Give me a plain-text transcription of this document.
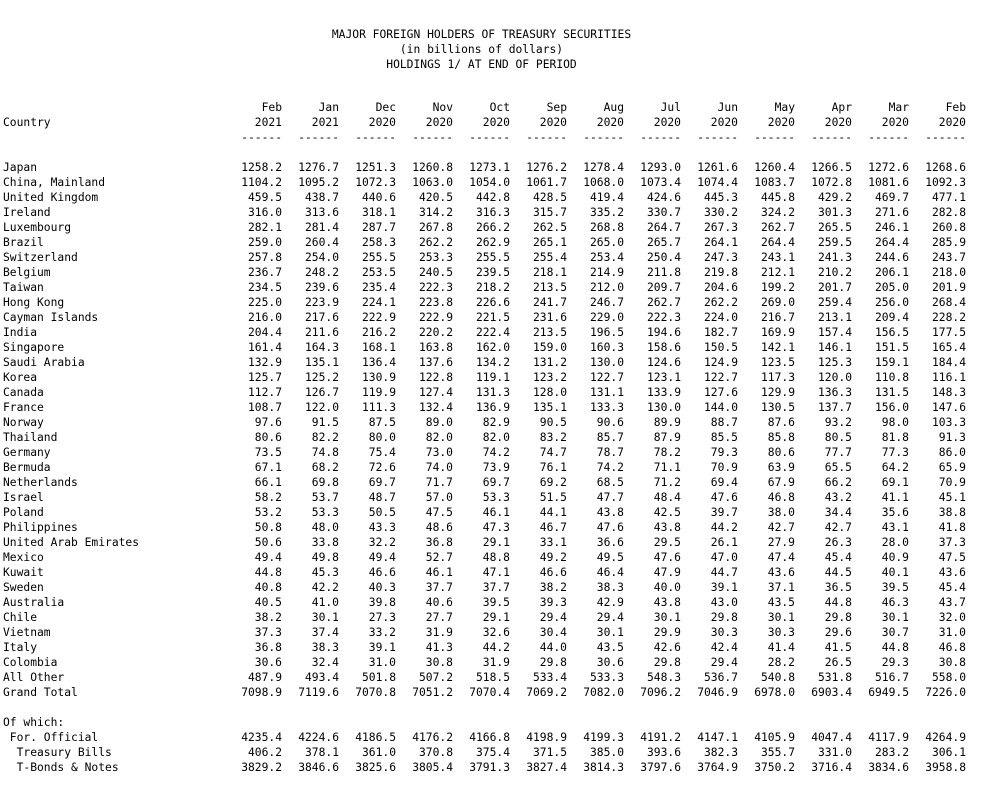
MAJOR FOREIGN HOLDERS OF TREASURY SECURITIES
(in billions of dollars)
HOLDINGS 1/ AT END OF PERIOD
	Feb	Jan	Dec	Nov	Oct	Sep	Aug	Jul	Jun	May	Apr	Mar	Feb
Country	2021	2021	2020	2020	2020	2020	2020	2020	2020	2020	2020	2020	2020
	------	------	------	------	------	------	------	------	------	------	------	------	------

Japan	1258.2	1276.7	1251.3	1260.8	1273.1	1276.2	1278.4	1293.0	1261.6	1260.4	1266.5	1272.6	1268.6
China, Mainland	1104.2	1095.2	1072.3	1063.0	1054.0	1061.7	1068.0	1073.4	1074.4	1083.7	1072.8	1081.6	1092.3
United Kingdom	459.5	438.7	440.6	420.5	442.8	428.5	419.4	424.6	445.3	445.8	429.2	469.7	477.1
Ireland	316.0	313.6	318.1	314.2	316.3	315.7	335.2	330.7	330.2	324.2	301.3	271.6	282.8
Luxembourg	282.1	281.4	287.7	267.8	266.2	262.5	268.8	264.7	267.3	262.7	265.5	246.1	260.8
Brazil	259.0	260.4	258.3	262.2	262.9	265.1	265.0	265.7	264.1	264.4	259.5	264.4	285.9
Switzerland	257.8	254.0	255.5	253.3	255.5	255.4	253.4	250.4	247.3	243.1	241.3	244.6	243.7
Belgium	236.7	248.2	253.5	240.5	239.5	218.1	214.9	211.8	219.8	212.1	210.2	206.1	218.0
Taiwan	234.5	239.6	235.4	222.3	218.2	213.5	212.0	209.7	204.6	199.2	201.7	205.0	201.9
Hong Kong	225.0	223.9	224.1	223.8	226.6	241.7	246.7	262.7	262.2	269.0	259.4	256.0	268.4
Cayman Islands	216.0	217.6	222.9	222.9	221.5	231.6	229.0	222.3	224.0	216.7	213.1	209.4	228.2
India	204.4	211.6	216.2	220.2	222.4	213.5	196.5	194.6	182.7	169.9	157.4	156.5	177.5
Singapore	161.4	164.3	168.1	163.8	162.0	159.0	160.3	158.6	150.5	142.1	146.1	151.5	165.4
Saudi Arabia	132.9	135.1	136.4	137.6	134.2	131.2	130.0	124.6	124.9	123.5	125.3	159.1	184.4
Korea	125.7	125.2	130.9	122.8	119.1	123.2	122.7	123.1	122.7	117.3	120.0	110.8	116.1
Canada	112.7	126.7	119.9	127.4	131.3	128.0	131.1	133.9	127.6	129.9	136.3	131.5	148.3
France	108.7	122.0	111.3	132.4	136.9	135.1	133.3	130.0	144.0	130.5	137.7	156.0	147.6
Norway	97.6	91.5	87.5	89.0	82.9	90.5	90.6	89.9	88.7	87.6	93.2	98.0	103.3
Thailand	80.6	82.2	80.0	82.0	82.0	83.2	85.7	87.9	85.5	85.8	80.5	81.8	91.3
Germany	73.5	74.8	75.4	73.0	74.2	74.7	78.7	78.2	79.3	80.6	77.7	77.3	86.0
Bermuda	67.1	68.2	72.6	74.0	73.9	76.1	74.2	71.1	70.9	63.9	65.5	64.2	65.9
Netherlands	66.1	69.8	69.7	71.7	69.7	69.2	68.5	71.2	69.4	67.9	66.2	69.1	70.9
Israel	58.2	53.7	48.7	57.0	53.3	51.5	47.7	48.4	47.6	46.8	43.2	41.1	45.1
Poland	53.2	53.3	50.5	47.5	46.1	44.1	43.8	42.5	39.7	38.0	34.4	35.6	38.8
Philippines	50.8	48.0	43.3	48.6	47.3	46.7	47.6	43.8	44.2	42.7	42.7	43.1	41.8
United Arab Emirates	50.6	33.8	32.2	36.8	29.1	33.1	36.6	29.5	26.1	27.9	26.3	28.0	37.3
Mexico	49.4	49.8	49.4	52.7	48.8	49.2	49.5	47.6	47.0	47.4	45.4	40.9	47.5
Kuwait	44.8	45.3	46.6	46.1	47.1	46.6	46.4	47.9	44.7	43.6	44.5	40.1	43.6
Sweden	40.8	42.2	40.3	37.7	37.7	38.2	38.3	40.0	39.1	37.1	36.5	39.5	45.4
Australia	40.5	41.0	39.8	40.6	39.5	39.3	42.9	43.8	43.0	43.5	44.8	46.3	43.7
Chile	38.2	30.1	27.3	27.7	29.1	29.4	29.4	30.1	29.8	30.1	29.8	30.1	32.0
Vietnam	37.3	37.4	33.2	31.9	32.6	30.4	30.1	29.9	30.3	30.3	29.6	30.7	31.0
Italy	36.8	38.3	39.1	41.3	44.2	44.0	43.5	42.6	42.4	41.4	41.5	44.8	46.8
Colombia	30.6	32.4	31.0	30.8	31.9	29.8	30.6	29.8	29.4	28.2	26.5	29.3	30.8
All Other	487.9	493.4	501.8	507.2	518.5	533.4	533.3	548.3	536.7	540.8	531.8	516.7	558.0
Grand Total	7098.9	7119.6	7070.8	7051.2	7070.4	7069.2	7082.0	7096.2	7046.9	6978.0	6903.4	6949.5	7226.0

Of which:													
For. Official	4235.4	4224.6	4186.5	4176.2	4166.8	4198.9	4199.3	4191.2	4147.1	4105.9	4047.4	4117.9	4264.9
Treasury Bills	406.2	378.1	361.0	370.8	375.4	371.5	385.0	393.6	382.3	355.7	331.0	283.2	306.1
T-Bonds & Notes	3829.2	3846.6	3825.6	3805.4	3791.3	3827.4	3814.3	3797.6	3764.9	3750.2	3716.4	3834.6	3958.8
